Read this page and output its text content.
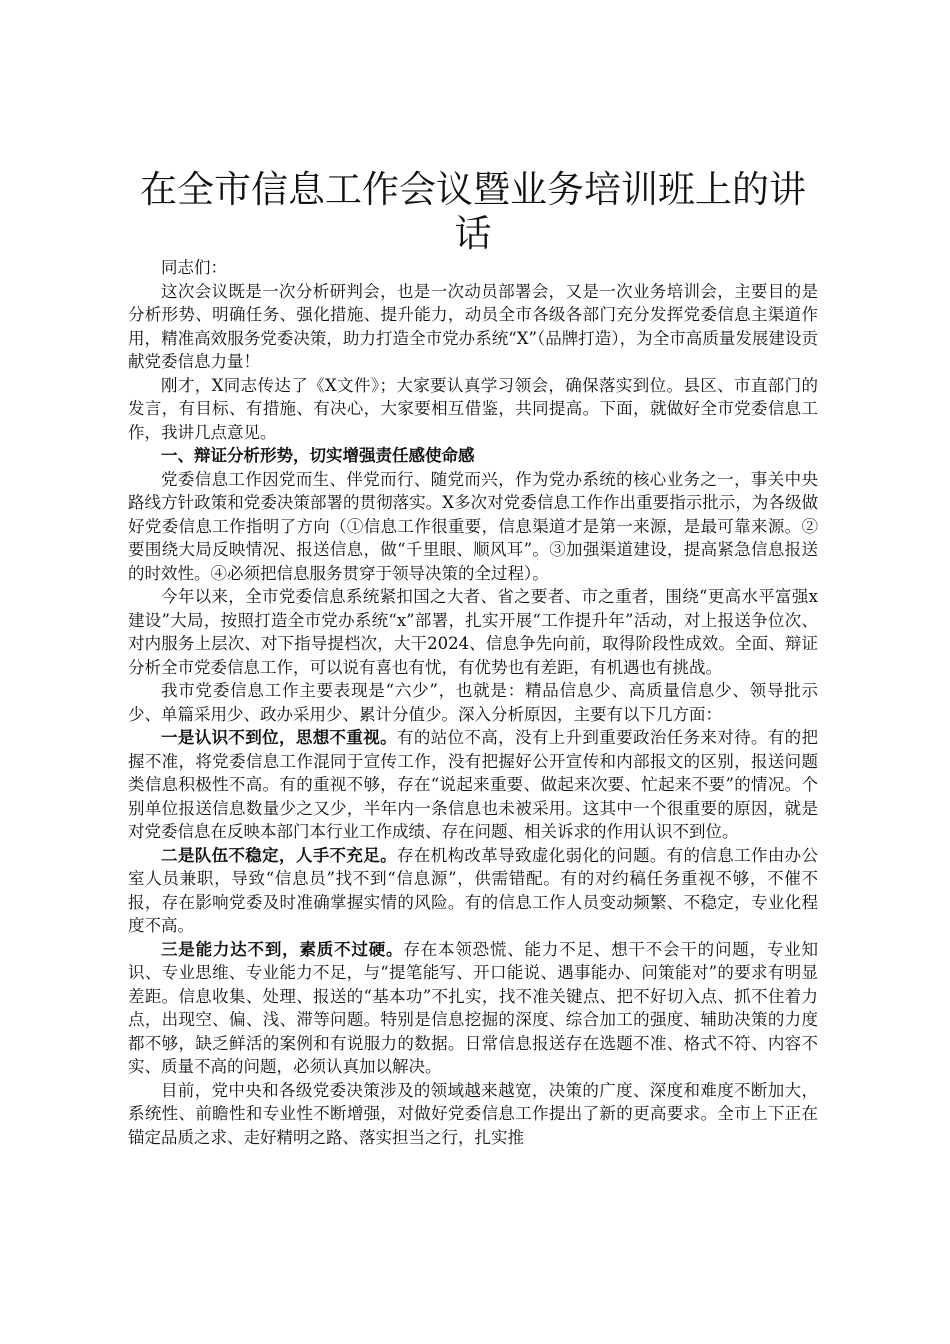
在全市信息工作会议暨业务培训班上的讲话

同志们：

这次会议既是一次分析研判会，也是一次动员部署会，又是一次业务培训会，主要目的是分析形势、明确任务、强化措施、提升能力，动员全市各级各部门充分发挥党委信息主渠道作用，精准高效服务党委决策，助力打造全市党办系统“X”（品牌打造），为全市高质量发展建设贡献党委信息力量！

刚才，X同志传达了《X文件》；大家要认真学习领会，确保落实到位。县区、市直部门的发言，有目标、有措施、有决心，大家要相互借鉴，共同提高。下面，就做好全市党委信息工作，我讲几点意见。

一、辩证分析形势，切实增强责任感使命感

党委信息工作因党而生、伴党而行、随党而兴，作为党办系统的核心业务之一，事关中央路线方针政策和党委决策部署的贯彻落实。X多次对党委信息工作作出重要指示批示，为各级做好党委信息工作指明了方向（①信息工作很重要，信息渠道才是第一来源，是最可靠来源。②要围绕大局反映情况、报送信息，做“千里眼、顺风耳”。③加强渠道建设，提高紧急信息报送的时效性。④必须把信息服务贯穿于领导决策的全过程）。

今年以来，全市党委信息系统紧扣国之大者、省之要者、市之重者，围绕“更高水平富强x建设”大局，按照打造全市党办系统“x”部署，扎实开展“工作提升年”活动，对上报送争位次、对内服务上层次、对下指导提档次，大干2024、信息争先向前，取得阶段性成效。全面、辩证分析全市党委信息工作，可以说有喜也有忧，有优势也有差距，有机遇也有挑战。

我市党委信息工作主要表现是“六少”，也就是：精品信息少、高质量信息少、领导批示少、单篇采用少、政办采用少、累计分值少。深入分析原因，主要有以下几方面：

一是认识不到位，思想不重视。有的站位不高，没有上升到重要政治任务来对待。有的把握不准，将党委信息工作混同于宣传工作，没有把握好公开宣传和内部报文的区别，报送问题类信息积极性不高。有的重视不够，存在“说起来重要、做起来次要、忙起来不要”的情况。个别单位报送信息数量少之又少，半年内一条信息也未被采用。这其中一个很重要的原因，就是对党委信息在反映本部门本行业工作成绩、存在问题、相关诉求的作用认识不到位。

二是队伍不稳定，人手不充足。存在机构改革导致虚化弱化的问题。有的信息工作由办公室人员兼职，导致“信息员”找不到“信息源”，供需错配。有的对约稿任务重视不够，不催不报，存在影响党委及时准确掌握实情的风险。有的信息工作人员变动频繁、不稳定，专业化程度不高。

三是能力达不到，素质不过硬。存在本领恐慌、能力不足、想干不会干的问题，专业知识、专业思维、专业能力不足，与“提笔能写、开口能说、遇事能办、问策能对”的要求有明显差距。信息收集、处理、报送的“基本功”不扎实，找不准关键点、把不好切入点、抓不住着力点，出现空、偏、浅、滞等问题。特别是信息挖掘的深度、综合加工的强度、辅助决策的力度都不够，缺乏鲜活的案例和有说服力的数据。日常信息报送存在选题不准、格式不符、内容不实、质量不高的问题，必须认真加以解决。

目前，党中央和各级党委决策涉及的领域越来越宽，决策的广度、深度和难度不断加大，系统性、前瞻性和专业性不断增强，对做好党委信息工作提出了新的更高要求。全市上下正在锚定品质之求、走好精明之路、落实担当之行，扎实推
